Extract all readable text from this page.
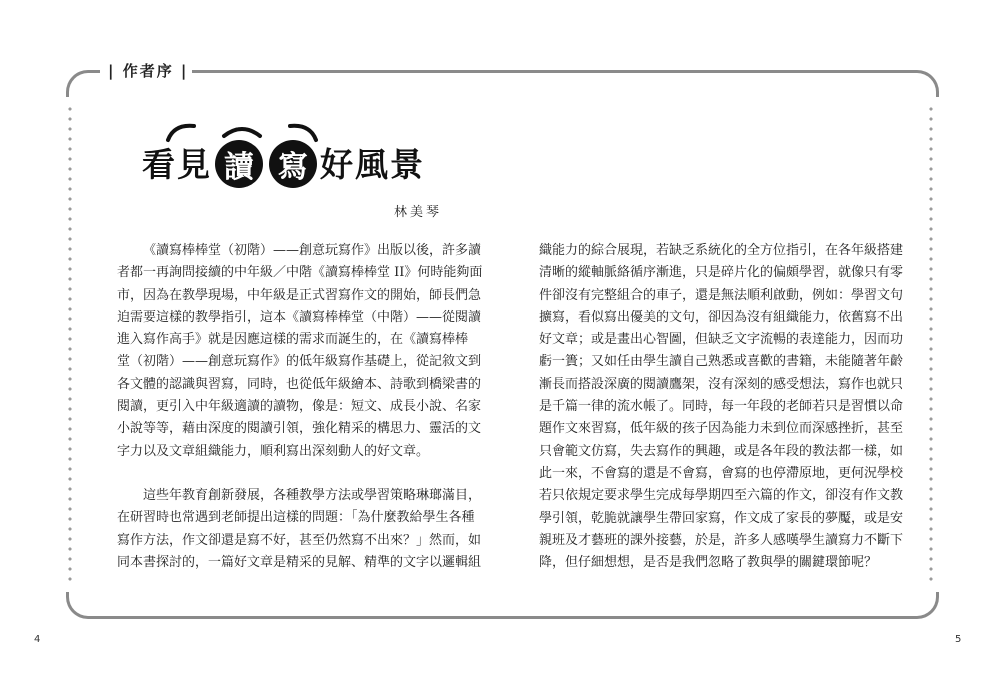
| 作者序 |
看見 讀 寫 好風景
林美琴
《讀寫棒棒堂（初階）——創意玩寫作》出版以後，許多讀
者都一再詢問接續的中年級／中階《讀寫棒棒堂 II》何時能夠面
市，因為在教學現場，中年級是正式習寫作文的開始，師長們急
迫需要這樣的教學指引，這本《讀寫棒棒堂（中階）——從閱讀
進入寫作高手》就是因應這樣的需求而誕生的，在《讀寫棒棒
堂（初階）——創意玩寫作》的低年級寫作基礎上，從記敘文到
各文體的認識與習寫，同時，也從低年級繪本、詩歌到橋梁書的
閱讀，更引入中年級適讀的讀物，像是：短文、成長小說、名家
小說等等，藉由深度的閱讀引領，強化精采的構思力、靈活的文
字力以及文章組織能力，順利寫出深刻動人的好文章。
　　這些年教育創新發展，各種教學方法或學習策略琳瑯滿目，
在研習時也常遇到老師提出這樣的問題：「為什麼教給學生各種
寫作方法，作文卻還是寫不好，甚至仍然寫不出來？」然而，如
同本書探討的，一篇好文章是精采的見解、精準的文字以邏輯組
織能力的綜合展現，若缺乏系統化的全方位指引，在各年級搭建
清晰的縱軸脈絡循序漸進，只是碎片化的偏頗學習，就像只有零
件卻沒有完整組合的車子，還是無法順利啟動，例如：學習文句
擴寫，看似寫出優美的文句，卻因為沒有組織能力，依舊寫不出
好文章；或是畫出心智圖，但缺乏文字流暢的表達能力，因而功
虧一簣；又如任由學生讀自己熟悉或喜歡的書籍，未能隨著年齡
漸長而搭設深廣的閱讀鷹架，沒有深刻的感受想法，寫作也就只
是千篇一律的流水帳了。同時，每一年段的老師若只是習慣以命
題作文來習寫，低年級的孩子因為能力未到位而深感挫折，甚至
只會範文仿寫，失去寫作的興趣，或是各年段的教法都一樣，如
此一來，不會寫的還是不會寫，會寫的也停滯原地，更何況學校
若只依規定要求學生完成每學期四至六篇的作文，卻沒有作文教
學引領，乾脆就讓學生帶回家寫，作文成了家長的夢魘，或是安
親班及才藝班的課外接藝，於是，許多人感嘆學生讀寫力不斷下
降，但仔細想想，是否是我們忽略了教與學的關鍵環節呢？
4	5
